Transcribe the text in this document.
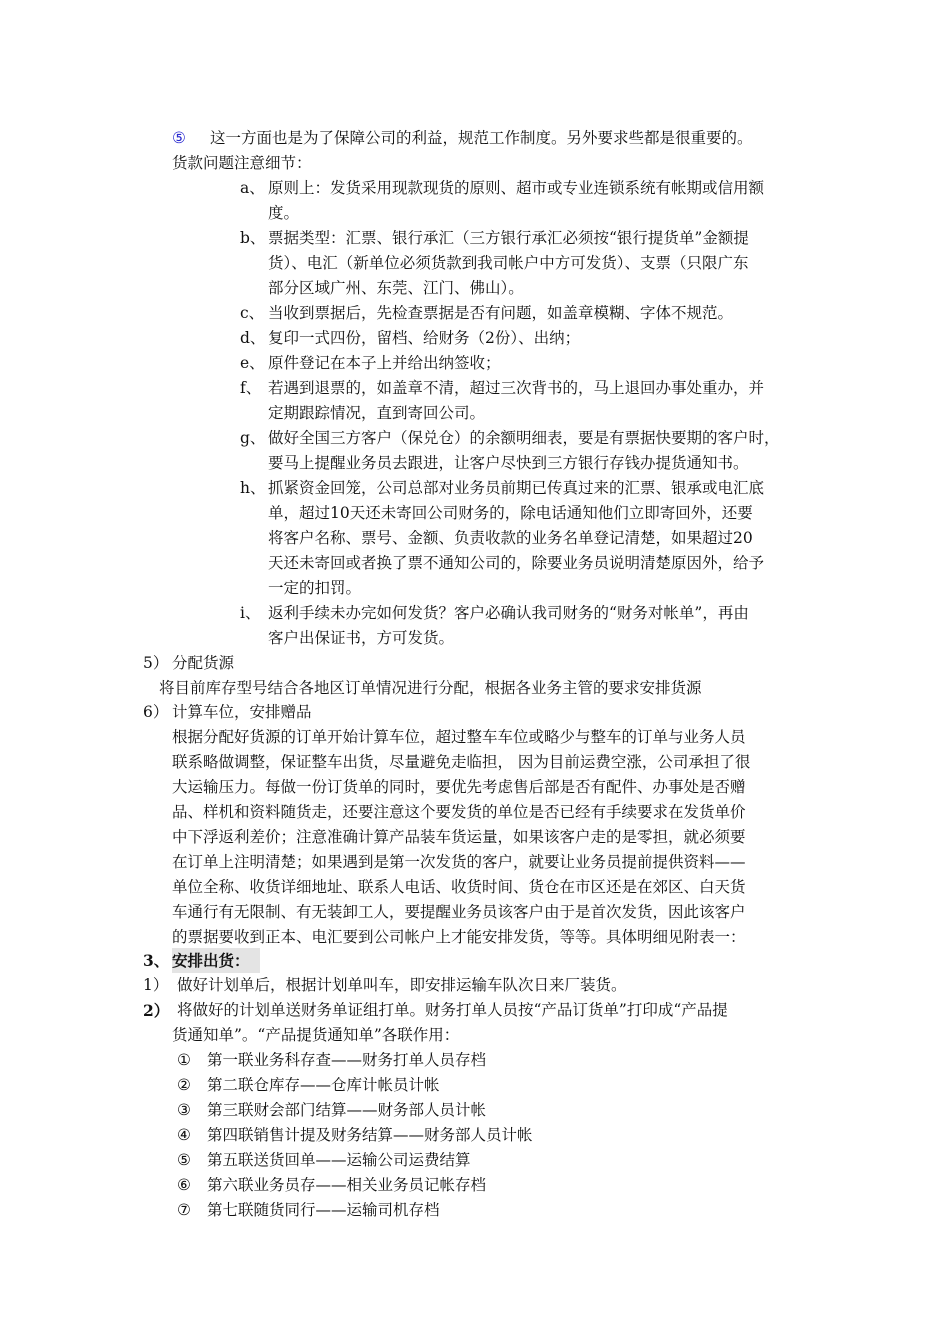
⑤ 这一方面也是为了保障公司的利益，规范工作制度。另外要求些都是很重要的。
货款问题注意细节：
a、 原则上：发货采用现款现货的原则、超市或专业连锁系统有帐期或信用额
度。
b、 票据类型：汇票、银行承汇（三方银行承汇必须按“银行提货单”金额提
货）、电汇（新单位必须货款到我司帐户中方可发货）、支票（只限广东
部分区域广州、东莞、江门、佛山）。
c、 当收到票据后，先检查票据是否有问题，如盖章模糊、字体不规范。
d、 复印一式四份，留档、给财务（2份）、出纳；
e、 原件登记在本子上并给出纳签收；
f、 若遇到退票的，如盖章不清，超过三次背书的，马上退回办事处重办，并
定期跟踪情况，直到寄回公司。
g、 做好全国三方客户（保兑仓）的余额明细表，要是有票据快要期的客户时，
要马上提醒业务员去跟进，让客户尽快到三方银行存钱办提货通知书。
h、 抓紧资金回笼，公司总部对业务员前期已传真过来的汇票、银承或电汇底
单，超过10天还未寄回公司财务的，除电话通知他们立即寄回外，还要
将客户名称、票号、金额、负责收款的业务名单登记清楚，如果超过20
天还未寄回或者换了票不通知公司的，除要业务员说明清楚原因外，给予
一定的扣罚。
i、 返利手续未办完如何发货？客户必确认我司财务的“财务对帐单”，再由
客户出保证书，方可发货。
5） 分配货源
将目前库存型号结合各地区订单情况进行分配，根据各业务主管的要求安排货源
6） 计算车位，安排赠品
根据分配好货源的订单开始计算车位，超过整车车位或略少与整车的订单与业务人员
联系略做调整，保证整车出货，尽量避免走临担， 因为目前运费空涨，公司承担了很
大运输压力。每做一份订货单的同时，要优先考虑售后部是否有配件、办事处是否赠
品、样机和资料随货走，还要注意这个要发货的单位是否已经有手续要求在发货单价
中下浮返利差价；注意准确计算产品装车货运量，如果该客户走的是零担，就必须要
在订单上注明清楚；如果遇到是第一次发货的客户，就要让业务员提前提供资料——
单位全称、收货详细地址、联系人电话、收货时间、货仓在市区还是在郊区、白天货
车通行有无限制、有无装卸工人，要提醒业务员该客户由于是首次发货，因此该客户
的票据要收到正本、电汇要到公司帐户上才能安排发货，等等。具体明细见附表一：
3、 安排出货：
1） 做好计划单后，根据计划单叫车，即安排运输车队次日来厂装货。
2） 将做好的计划单送财务单证组打单。财务打单人员按“产品订货单”打印成“产品提
货通知单”。“产品提货通知单”各联作用：
① 第一联业务科存查——财务打单人员存档
② 第二联仓库存——仓库计帐员计帐
③ 第三联财会部门结算——财务部人员计帐
④ 第四联销售计提及财务结算——财务部人员计帐
⑤ 第五联送货回单——运输公司运费结算
⑥ 第六联业务员存——相关业务员记帐存档
⑦ 第七联随货同行——运输司机存档
